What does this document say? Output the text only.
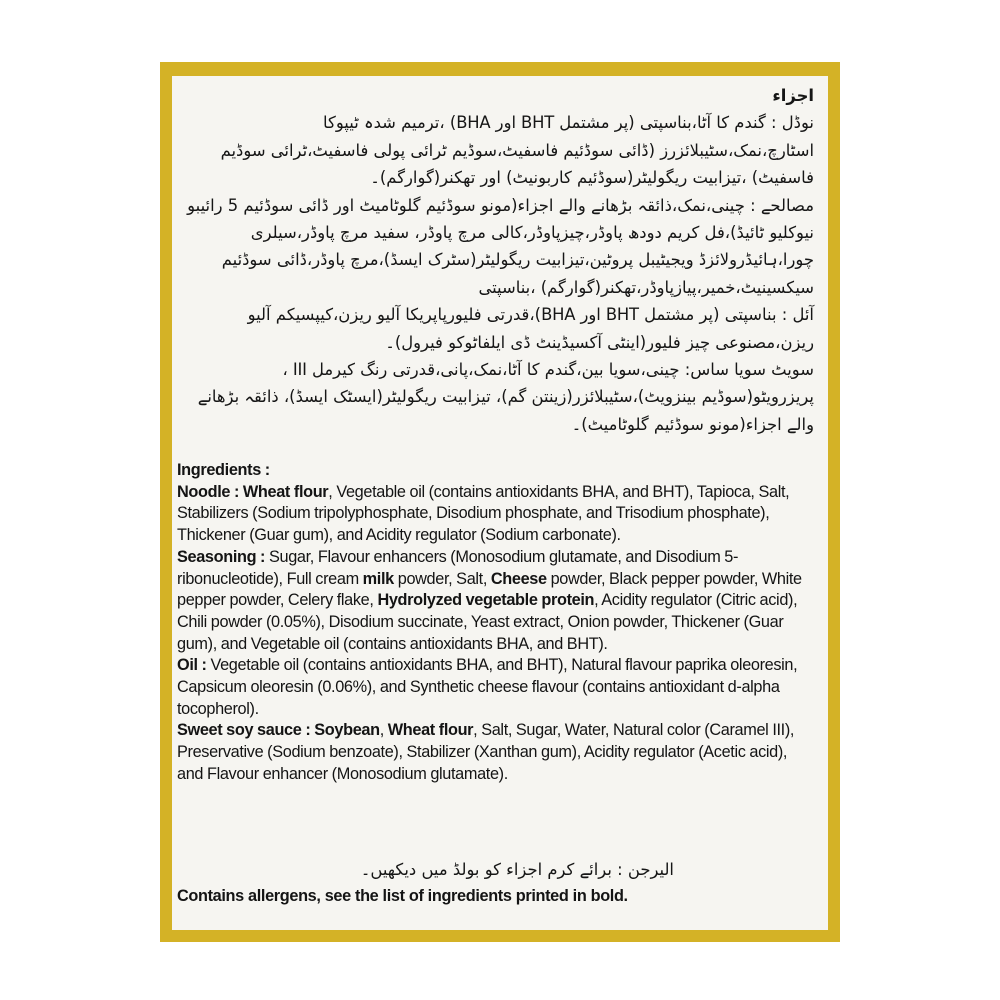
اجزاء

نوڈل : گندم کا آٹا،بناسپتی (پر مشتمل BHT اور BHA) ،ترمیم شدہ ٹیپوکا اسٹارچ،نمک،سٹیبلائزرز (ڈائی سوڈئیم فاسفیٹ،سوڈیم ٹرائی پولی فاسفیٹ،ٹرائی سوڈیم فاسفیٹ) ،تیزابیت ریگولیٹر(سوڈئیم کاربونیٹ) اور تھکنر(گوارگم)۔

مصالحے : چینی،نمک،ذائقہ بڑھانے والے اجزاء(مونو سوڈئیم گلوٹامیٹ اور ڈائی سوڈئیم 5 رائیبو نیوکلیو ٹائیڈ)،فل کریم دودھ پاوڈر،چیزپاوڈر،کالی مرچ پاوڈر، سفید مرچ پاوڈر،سیلری چورا،ہائیڈرولائزڈ ویجیٹیبل پروٹین،تیزابیت ریگولیٹر(سٹرک ایسڈ)،مرچ پاوڈر،ڈائی سوڈئیم سیکسینیٹ،خمیر،پیازپاوڈر،تھکنر(گوارگم) ،بناسپتی

آئل : بناسپتی (پر مشتمل BHT اور BHA)،قدرتی فلیورپاپریکا آلیو ریزن،کیپسیکم آلیو ریزن،مصنوعی چیز فلیور(اینٹی آکسیڈینٹ ڈی ایلفاٹوکو فیرول)۔

سویٹ سویا ساس: چینی،سویا بین،گندم کا آٹا،نمک،پانی،قدرتی رنگ کیرمل III ، پریزرویٹو(سوڈیم بینزویٹ)،سٹیبلائزر(زینتن گم)، تیزابیت ریگولیٹر(ایسٹک ایسڈ)، ذائقہ بڑھانے والے اجزاء(مونو سوڈئیم گلوٹامیٹ)۔

Ingredients :

Noodle : Wheat flour, Vegetable oil (contains antioxidants BHA, and BHT), Tapioca, Salt, Stabilizers (Sodium tripolyphosphate, Disodium phosphate, and Trisodium phosphate), Thickener (Guar gum), and Acidity regulator (Sodium carbonate).

Seasoning : Sugar, Flavour enhancers (Monosodium glutamate, and Disodium 5-ribonucleotide), Full cream milk powder, Salt, Cheese powder, Black pepper powder, White pepper powder, Celery flake, Hydrolyzed vegetable protein, Acidity regulator (Citric acid), Chili powder (0.05%), Disodium succinate, Yeast extract, Onion powder, Thickener (Guar gum), and Vegetable oil (contains antioxidants BHA, and BHT).

Oil : Vegetable oil (contains antioxidants BHA, and BHT), Natural flavour paprika oleoresin, Capsicum oleoresin (0.06%), and Synthetic cheese flavour (contains antioxidant d-alpha tocopherol).

Sweet soy sauce : Soybean, Wheat flour, Salt, Sugar, Water, Natural color (Caramel III), Preservative (Sodium benzoate), Stabilizer (Xanthan gum), Acidity regulator (Acetic acid), and Flavour enhancer (Monosodium glutamate).

الیرجن : برائے کرم اجزاء کو بولڈ میں دیکھیں۔
Contains allergens, see the list of ingredients printed in bold.
